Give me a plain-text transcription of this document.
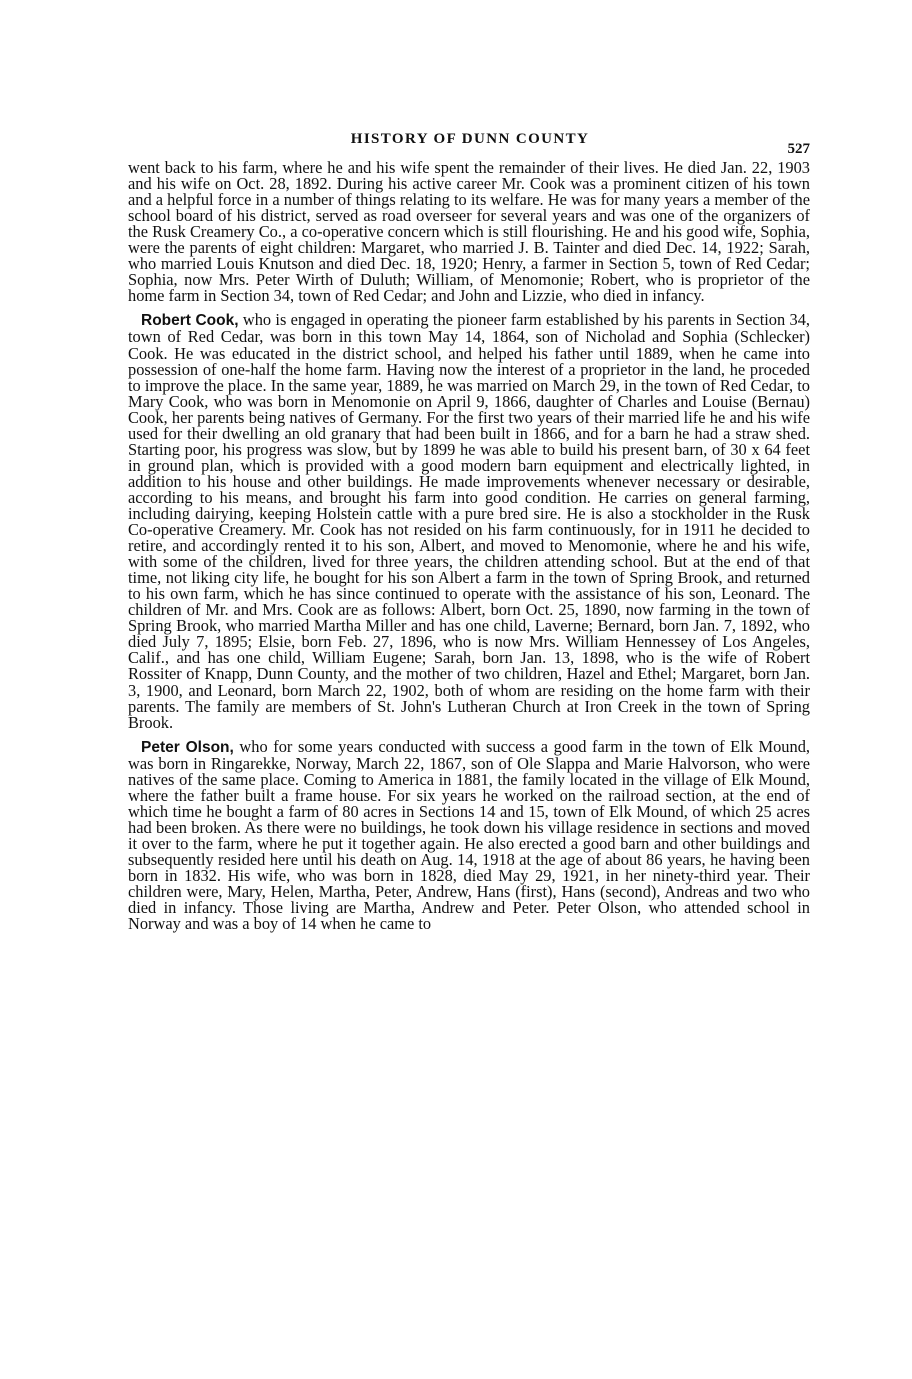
HISTORY OF DUNN COUNTY
527

went back to his farm, where he and his wife spent the remainder of their lives. He died Jan. 22, 1903 and his wife on Oct. 28, 1892. During his active career Mr. Cook was a prominent citizen of his town and a helpful force in a number of things relating to its welfare. He was for many years a member of the school board of his district, served as road overseer for several years and was one of the organizers of the Rusk Creamery Co., a co-operative concern which is still flourishing. He and his good wife, Sophia, were the parents of eight children: Margaret, who married J. B. Tainter and died Dec. 14, 1922; Sarah, who married Louis Knutson and died Dec. 18, 1920; Henry, a farmer in Section 5, town of Red Cedar; Sophia, now Mrs. Peter Wirth of Duluth; William, of Menomonie; Robert, who is proprietor of the home farm in Section 34, town of Red Cedar; and John and Lizzie, who died in infancy.

Robert Cook, who is engaged in operating the pioneer farm established by his parents in Section 34, town of Red Cedar, was born in this town May 14, 1864, son of Nicholad and Sophia (Schlecker) Cook. He was educated in the district school, and helped his father until 1889, when he came into possession of one-half the home farm. Having now the interest of a proprietor in the land, he proceded to improve the place. In the same year, 1889, he was married on March 29, in the town of Red Cedar, to Mary Cook, who was born in Menomonie on April 9, 1866, daughter of Charles and Louise (Bernau) Cook, her parents being natives of Germany. For the first two years of their married life he and his wife used for their dwelling an old granary that had been built in 1866, and for a barn he had a straw shed. Starting poor, his progress was slow, but by 1899 he was able to build his present barn, of 30 x 64 feet in ground plan, which is provided with a good modern barn equipment and electrically lighted, in addition to his house and other buildings. He made improvements whenever necessary or desirable, according to his means, and brought his farm into good condition. He carries on general farming, including dairying, keeping Holstein cattle with a pure bred sire. He is also a stockholder in the Rusk Co-operative Creamery. Mr. Cook has not resided on his farm continuously, for in 1911 he decided to retire, and accordingly rented it to his son, Albert, and moved to Menomonie, where he and his wife, with some of the children, lived for three years, the children attending school. But at the end of that time, not liking city life, he bought for his son Albert a farm in the town of Spring Brook, and returned to his own farm, which he has since continued to operate with the assistance of his son, Leonard. The children of Mr. and Mrs. Cook are as follows: Albert, born Oct. 25, 1890, now farming in the town of Spring Brook, who married Martha Miller and has one child, Laverne; Bernard, born Jan. 7, 1892, who died July 7, 1895; Elsie, born Feb. 27, 1896, who is now Mrs. William Hennessey of Los Angeles, Calif., and has one child, William Eugene; Sarah, born Jan. 13, 1898, who is the wife of Robert Rossiter of Knapp, Dunn County, and the mother of two children, Hazel and Ethel; Margaret, born Jan. 3, 1900, and Leonard, born March 22, 1902, both of whom are residing on the home farm with their parents. The family are members of St. John's Lutheran Church at Iron Creek in the town of Spring Brook.

Peter Olson, who for some years conducted with success a good farm in the town of Elk Mound, was born in Ringarekke, Norway, March 22, 1867, son of Ole Slappa and Marie Halvorson, who were natives of the same place. Coming to America in 1881, the family located in the village of Elk Mound, where the father built a frame house. For six years he worked on the railroad section, at the end of which time he bought a farm of 80 acres in Sections 14 and 15, town of Elk Mound, of which 25 acres had been broken. As there were no buildings, he took down his village residence in sections and moved it over to the farm, where he put it together again. He also erected a good barn and other buildings and subsequently resided here until his death on Aug. 14, 1918 at the age of about 86 years, he having been born in 1832. His wife, who was born in 1828, died May 29, 1921, in her ninety-third year. Their children were, Mary, Helen, Martha, Peter, Andrew, Hans (first), Hans (second), Andreas and two who died in infancy. Those living are Martha, Andrew and Peter. Peter Olson, who attended school in Norway and was a boy of 14 when he came to
